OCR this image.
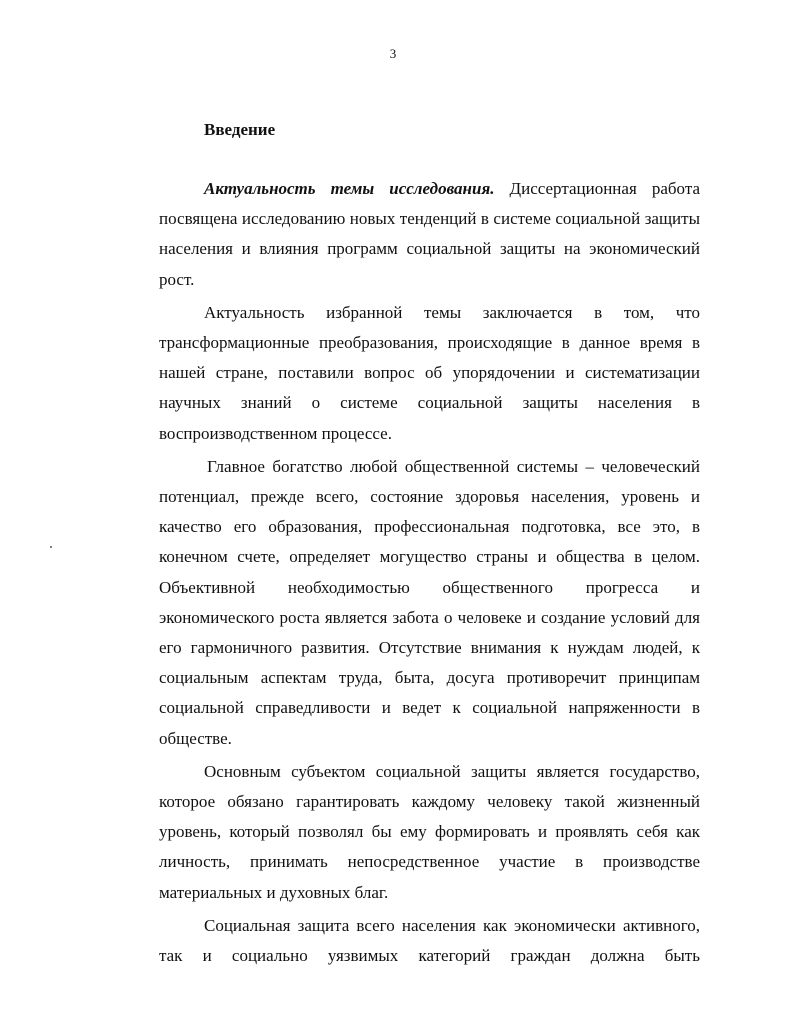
3
Введение

Актуальность темы исследования. Диссертационная работа посвящена исследованию новых тенденций в системе социальной защиты населения и влияния программ социальной защиты на экономический рост.

Актуальность избранной темы заключается в том, что трансформационные преобразования, происходящие в данное время в нашей стране, поставили вопрос об упорядочении и систематизации научных знаний о системе социальной защиты населения в воспроизводственном процессе.

Главное богатство любой общественной системы – человеческий потенциал, прежде всего, состояние здоровья населения, уровень и качество его образования, профессиональная подготовка, все это, в конечном счете, определяет могущество страны и общества в целом. Объективной необходимостью общественного прогресса и экономического роста является забота о человеке и создание условий для его гармоничного развития. Отсутствие внимания к нуждам людей, к социальным аспектам труда, быта, досуга противоречит принципам социальной справедливости и ведет к социальной напряженности в обществе.

Основным субъектом социальной защиты является государство, которое обязано гарантировать каждому человеку такой жизненный уровень, который позволял бы ему формировать и проявлять себя как личность, принимать непосредственное участие в производстве материальных и духовных благ.

Социальная защита всего населения как экономически активного, так и социально уязвимых категорий граждан должна быть
